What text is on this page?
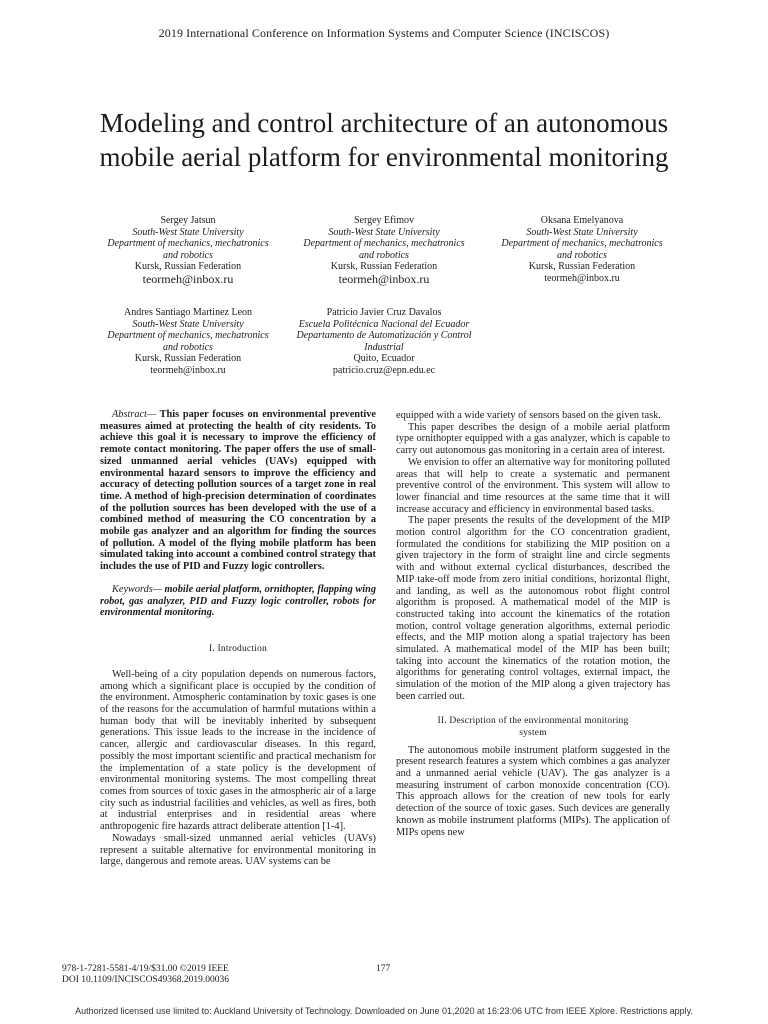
2019 International Conference on Information Systems and Computer Science (INCISCOS)
Modeling and control architecture of an autonomous
mobile aerial platform for environmental monitoring
Sergey Jatsun
South-West State University
Department of mechanics, mechatronics
and robotics
Kursk, Russian Federation
teormeh@inbox.ru
Sergey Efimov
South-West State University
Department of mechanics, mechatronics
and robotics
Kursk, Russian Federation
teormeh@inbox.ru
Oksana Emelyanova
South-West State University
Department of mechanics, mechatronics
and robotics
Kursk, Russian Federation
teormeh@inbox.ru
Andres Santiago Martinez Leon
South-West State University
Department of mechanics, mechatronics
and robotics
Kursk, Russian Federation
teormeh@inbox.ru
Patricio Javier Cruz Davalos
Escuela Politécnica Nacional del Ecuador
Departamento de Automatización y Control
Industrial
Quito, Ecuador
patricio.cruz@epn.edu.ec

Abstract— This paper focuses on environmental preventive measures aimed at protecting the health of city residents. To achieve this goal it is necessary to improve the efficiency of remote contact monitoring. The paper offers the use of small-sized unmanned aerial vehicles (UAVs) equipped with environmental hazard sensors to improve the efficiency and accuracy of detecting pollution sources of a target zone in real time. A method of high-precision determination of coordinates of the pollution sources has been developed with the use of a combined method of measuring the CO concentration by a mobile gas analyzer and an algorithm for finding the sources of pollution. A model of the flying mobile platform has been simulated taking into account a combined control strategy that includes the use of PID and Fuzzy logic controllers.

Keywords— mobile aerial platform, ornithopter, flapping wing robot, gas analyzer, PID and Fuzzy logic controller, robots for environmental monitoring.

I. Introduction

Well-being of a city population depends on numerous factors, among which a significant place is occupied by the condition of the environment. Atmospheric contamination by toxic gases is one of the reasons for the accumulation of harmful mutations within a human body that will be inevitably inherited by subsequent generations. This issue leads to the increase in the incidence of cancer, allergic and cardiovascular diseases. In this regard, possibly the most important scientific and practical mechanism for the implementation of a state policy is the development of environmental monitoring systems. The most compelling threat comes from sources of toxic gases in the atmospheric air of a large city such as industrial facilities and vehicles, as well as fires, both at industrial enterprises and in residential areas where anthropogenic fire hazards attract deliberate attention [1-4].

Nowadays small-sized unmanned aerial vehicles (UAVs) represent a suitable alternative for environmental monitoring in large, dangerous and remote areas. UAV systems can be

equipped with a wide variety of sensors based on the given task.

This paper describes the design of a mobile aerial platform type ornithopter equipped with a gas analyzer, which is capable to carry out autonomous gas monitoring in a certain area of interest.

We envision to offer an alternative way for monitoring polluted areas that will help to create a systematic and permanent preventive control of the environment. This system will allow to lower financial and time resources at the same time that it will increase accuracy and efficiency in environmental based tasks.

The paper presents the results of the development of the MIP motion control algorithm for the CO concentration gradient, formulated the conditions for stabilizing the MIP position on a given trajectory in the form of straight line and circle segments with and without external cyclical disturbances, described the MIP take-off mode from zero initial conditions, horizontal flight, and landing, as well as the autonomous robot flight control algorithm is proposed. A mathematical model of the MIP is constructed taking into account the kinematics of the rotation motion, control voltage generation algorithms, external periodic effects, and the MIP motion along a spatial trajectory has been simulated. A mathematical model of the MIP has been built; taking into account the kinematics of the rotation motion, the algorithms for generating control voltages, external impact, the simulation of the motion of the MIP along a given trajectory has been carried out.

II. Description of the environmental monitoring
system

The autonomous mobile instrument platform suggested in the present research features a system which combines a gas analyzer and a unmanned aerial vehicle (UAV). The gas analyzer is a measuring instrument of carbon monoxide concentration (CO). This approach allows for the creation of new tools for early detection of the source of toxic gases. Such devices are generally known as mobile instrument platforms (MIPs). The application of MIPs opens new

978-1-7281-5581-4/19/$31.00 ©2019 IEEE
DOI 10.1109/INCISCOS49368.2019.00036
177
Authorized licensed use limited to: Auckland University of Technology. Downloaded on June 01,2020 at 16:23:06 UTC from IEEE Xplore. Restrictions apply.
